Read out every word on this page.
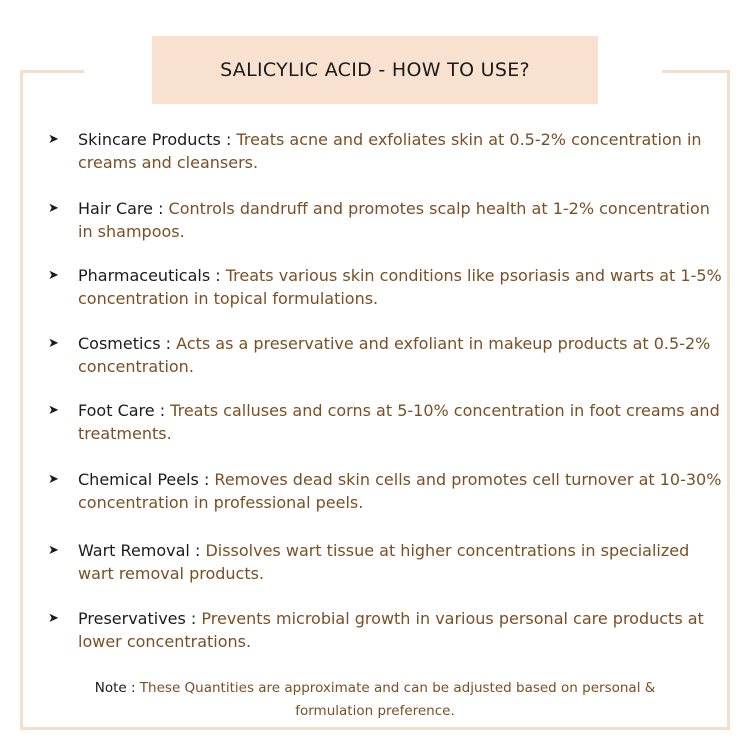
SALICYLIC ACID - HOW TO USE?
➤ Skincare Products : Treats acne and exfoliates skin at 0.5-2% concentration in creams and cleansers.
➤ Hair Care : Controls dandruff and promotes scalp health at 1-2% concentration in shampoos.
➤ Pharmaceuticals : Treats various skin conditions like psoriasis and warts at 1-5% concentration in topical formulations.
➤ Cosmetics : Acts as a preservative and exfoliant in makeup products at 0.5-2% concentration.
➤ Foot Care : Treats calluses and corns at 5-10% concentration in foot creams and treatments.
➤ Chemical Peels : Removes dead skin cells and promotes cell turnover at 10-30% concentration in professional peels.
➤ Wart Removal : Dissolves wart tissue at higher concentrations in specialized wart removal products.
➤ Preservatives : Prevents microbial growth in various personal care products at lower concentrations.
Note : These Quantities are approximate and can be adjusted based on personal & formulation preference.
